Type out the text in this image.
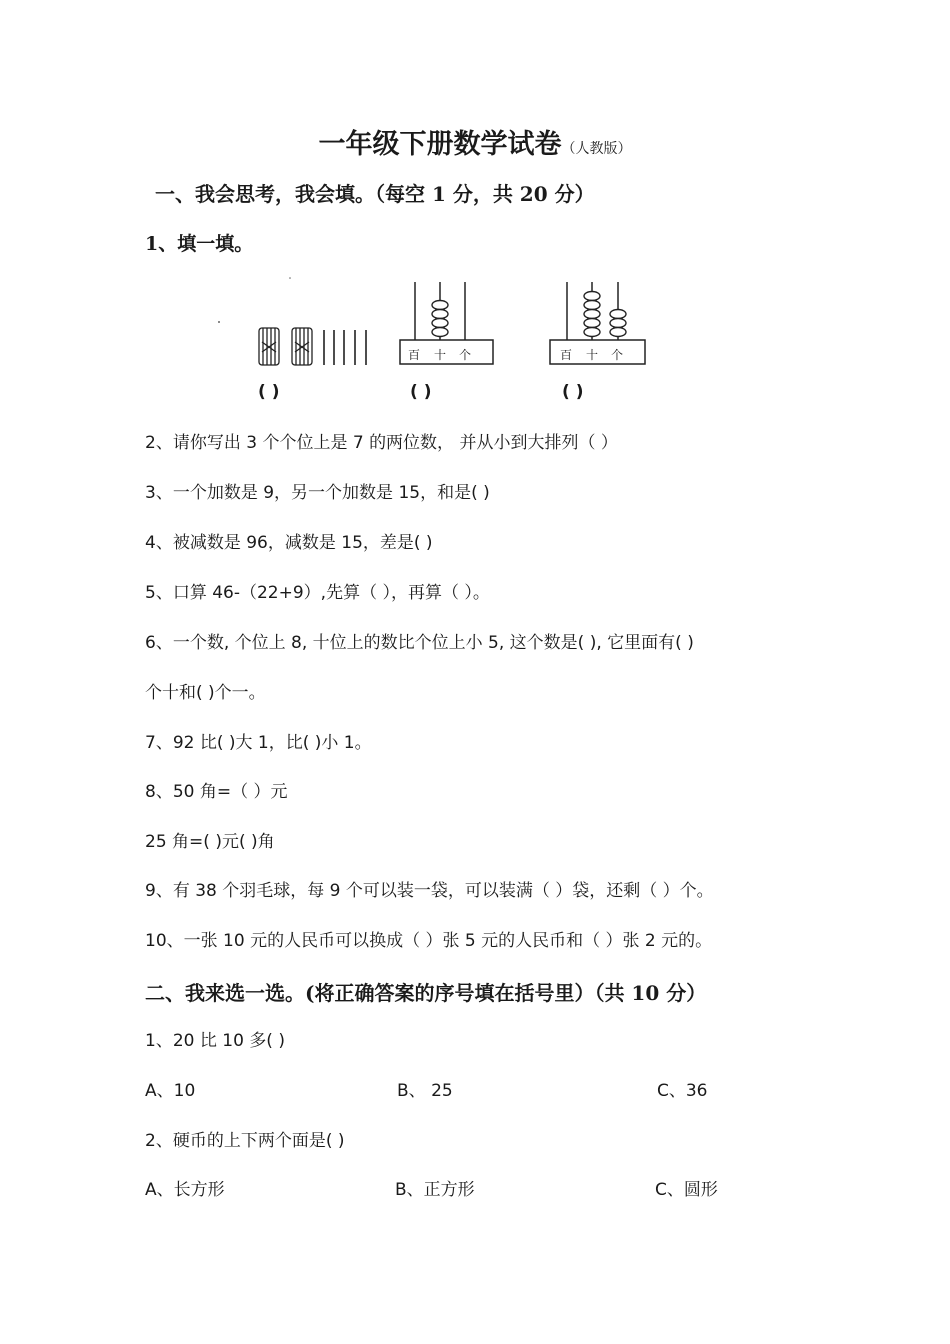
一年级下册数学试卷（人教版）
一、我会思考，我会填。（每空 1 分，共 20 分）
1、填一填。
百 十 个	百 十 个
( )	( )	( )
2、请你写出 3 个个位上是 7 的两位数， 并从小到大排列（ ）
3、一个加数是 9，另一个加数是 15，和是( )
4、被减数是 96，减数是 15，差是( )
5、口算 46-（22+9）,先算（ ），再算（ ）。
6、一个数, 个位上 8, 十位上的数比个位上小 5, 这个数是( ), 它里面有( )
个十和( )个一。
7、92 比( )大 1，比( )小 1。
8、50 角=（ ）元
25 角=( )元( )角
9、有 38 个羽毛球，每 9 个可以装一袋，可以装满（ ）袋，还剩（ ）个。
10、一张 10 元的人民币可以换成（ ）张 5 元的人民币和（ ）张 2 元的。
二、我来选一选。(将正确答案的序号填在括号里）（共 10 分）
1、20 比 10 多( )
A、10	B、 25	C、36
2、硬币的上下两个面是( )
A、长方形	B、正方形	C、圆形
